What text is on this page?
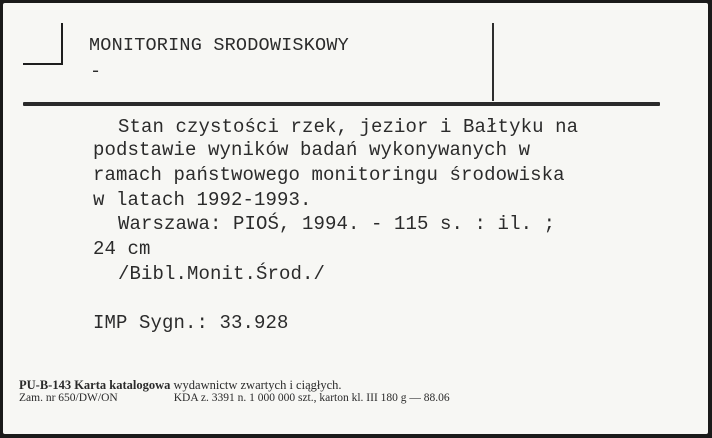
MONITORING SRODOWISKOWY
-
Stan czystości rzek, jezior i Bałtyku na
podstawie wyników badań wykonywanych w
ramach państwowego monitoringu środowiska
w latach 1992-1993.
Warszawa: PIOŚ, 1994. - 115 s. : il. ;
24 cm
/Bibl.Monit.Środ./
IMP Sygn.: 33.928
PU-B-143 Karta katalogowa wydawnictw zwartych i ciągłych.
Zam. nr 650/DW/ON	KDA z. 3391 n. 1 000 000 szt., karton kl. III 180 g — 88.06
